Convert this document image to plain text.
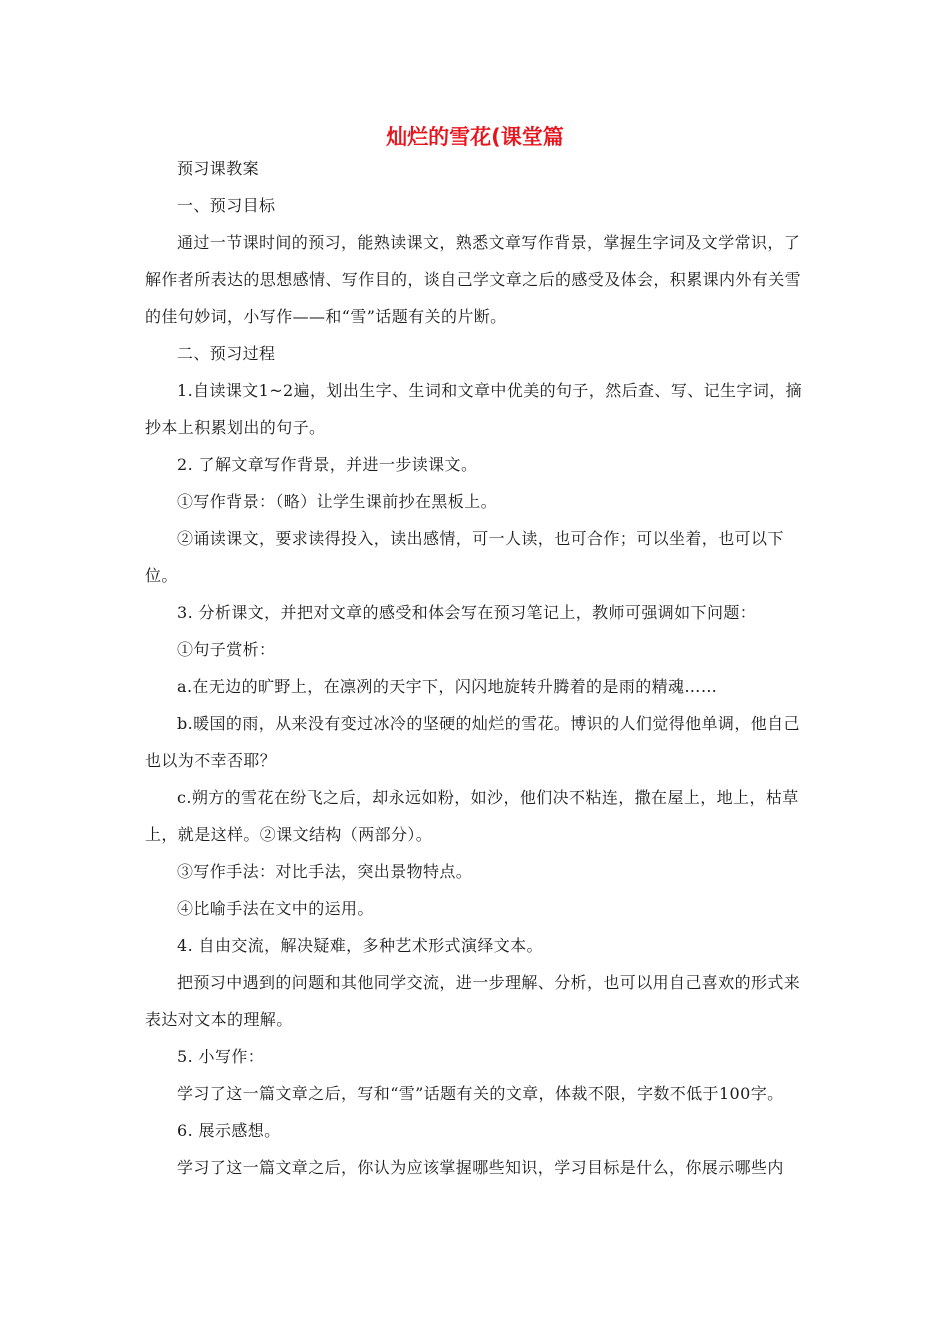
灿烂的雪花(课堂篇

预习课教案

一、预习目标

通过一节课时间的预习，能熟读课文，熟悉文章写作背景，掌握生字词及文学常识，了解作者所表达的思想感情、写作目的，谈自己学文章之后的感受及体会，积累课内外有关雪的佳句妙词，小写作——和“雪”话题有关的片断。

二、预习过程

1.自读课文1~2遍，划出生字、生词和文章中优美的句子，然后查、写、记生字词，摘抄本上积累划出的句子。

2. 了解文章写作背景，并进一步读课文。

①写作背景：（略）让学生课前抄在黑板上。

②诵读课文，要求读得投入，读出感情，可一人读，也可合作；可以坐着，也可以下位。

3. 分析课文，并把对文章的感受和体会写在预习笔记上，教师可强调如下问题：

①句子赏析：

a.在无边的旷野上，在凛冽的天宇下，闪闪地旋转升腾着的是雨的精魂……

b.暖国的雨，从来没有变过冰冷的坚硬的灿烂的雪花。博识的人们觉得他单调，他自己也以为不幸否耶？

c.朔方的雪花在纷飞之后，却永远如粉，如沙，他们决不粘连，撒在屋上，地上，枯草上，就是这样。②课文结构（两部分）。

③写作手法：对比手法，突出景物特点。

④比喻手法在文中的运用。

4. 自由交流，解决疑难，多种艺术形式演绎文本。

把预习中遇到的问题和其他同学交流，进一步理解、分析，也可以用自己喜欢的形式来表达对文本的理解。

5. 小写作：

学习了这一篇文章之后，写和“雪”话题有关的文章，体裁不限，字数不低于100字。

6. 展示感想。

学习了这一篇文章之后，你认为应该掌握哪些知识，学习目标是什么，你展示哪些内
